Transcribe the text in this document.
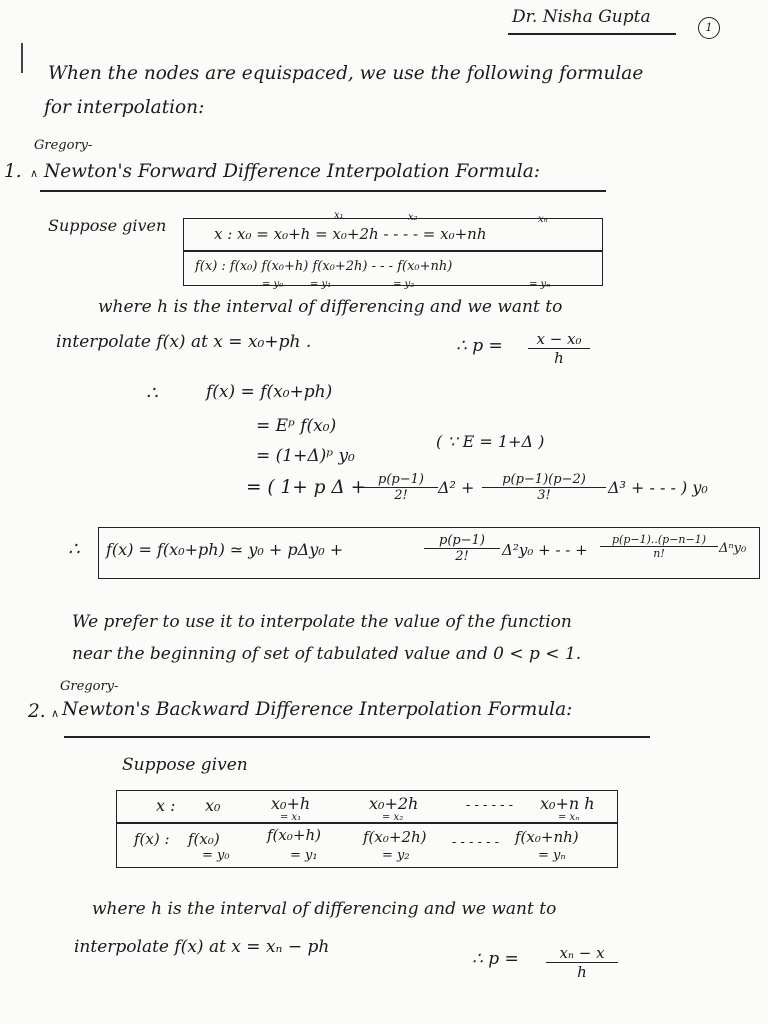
Dr. Nisha Gupta
1
When the nodes are equispaced, we use the following formulae
for interpolation:
Gregory-
1. ∧ Newton's Forward Difference Interpolation Formula:
Suppose given
x₁	x₂	xₙ
x : x₀ = x₀+h = x₀+2h - - - - = x₀+nh
f(x) : f(x₀) f(x₀+h) f(x₀+2h) - - - f(x₀+nh)
= y₀	= y₁	= y₂	= yₙ
where h is the interval of differencing and we want to
interpolate f(x) at x = x₀+ph .	∴ $p = \frac{\text{x − x₀}}{h}$
∴	f(x) = f(x₀+ph)
= Eᵖ f(x₀)
= (1+Δ)ᵖ y₀
( ∵ E = 1+Δ )
= ( 1+ p Δ +
$\frac{p(p-1)}{2!} \Delta^2 + \frac{p(p-1)(p-2)}{3!} \Delta^3$ + - - - ) y₀
∴ f(x) = f(x₀+ph) ≃ y₀ + pΔy₀ +	$\frac{p(p-1)}{2!} \Delta^2y_0$ + - - + $\frac{p(p-1)..(p-n-1)}{n!} \Delta^ny_0$
We prefer to use it to interpolate the value of the function
near the beginning of set of tabulated value and 0 < p < 1.
Gregory-
2. ∧ Newton's Backward Difference Interpolation Formula:
Suppose given
x : x₀	x₀+h	x₀+2h	- - - - - - x₀+n h
= x₁	= x₂	= xₙ
f(x) : f(x₀)	f(x₀+h)	f(x₀+2h) - - - - - - f(x₀+nh)
= y₀	= y₁	= y₂	= yₙ
where h is the interval of differencing and we want to
interpolate f(x) at x = xₙ − ph
∴ $p = \frac{\text{xₙ − x}}{h}$
